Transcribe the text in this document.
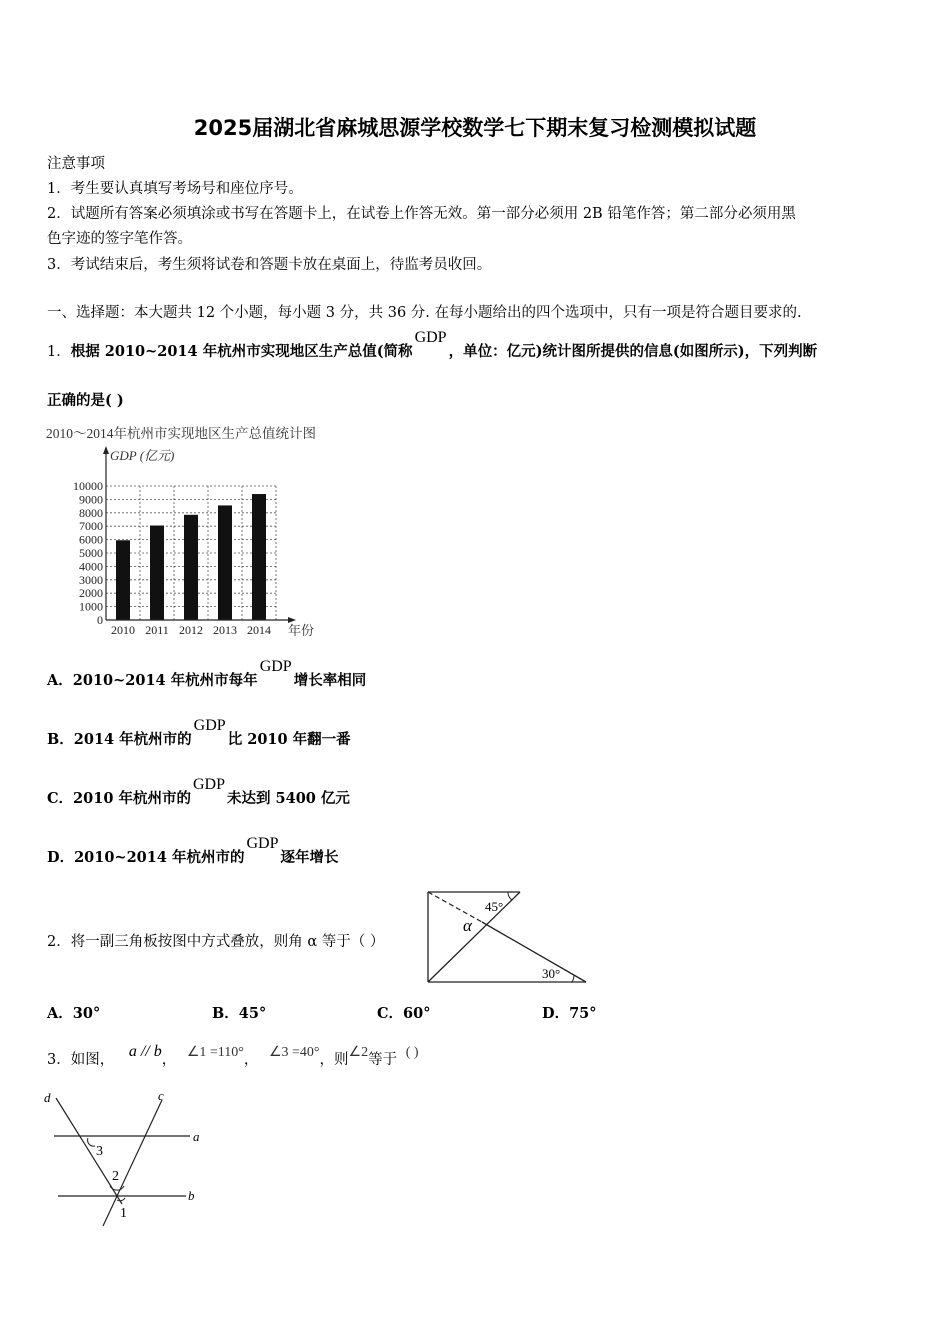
2025届湖北省麻城思源学校数学七下期末复习检测模拟试题
注意事项
1．考生要认真填写考场号和座位序号。
2．试题所有答案必须填涂或书写在答题卡上，在试卷上作答无效。第一部分必须用 2B 铅笔作答；第二部分必须用黑
色字迹的签字笔作答。
3．考试结束后，考生须将试卷和答题卡放在桌面上，待监考员收回。
一、选择题：本大题共 12 个小题，每小题 3 分，共 36 分. 在每小题给出的四个选项中，只有一项是符合题目要求的.
1．根据 2010~2014 年杭州市实现地区生产总值(简称GDP，单位：亿元)统计图所提供的信息(如图所示)，下列判断
正确的是( )
2010～2014年杭州市实现地区生产总值统计图
GDP (亿元)
年份
0
1000
2000
3000
4000
5000
6000
7000
8000
9000
10000
2010 2011 2012 2013 2014
A．2010~2014 年杭州市每年GDP增长率相同
B．2014 年杭州市的GDP比 2010 年翻一番
C．2010 年杭州市的GDP未达到 5400 亿元
D．2010~2014 年杭州市的GDP逐年增长
2．将一副三角板按图中方式叠放，则角 α 等于（ ）
45°
30°
α
A．30°	B．45°	C．60°	D．75°
3．如图， a // b， ∠1 =110°， ∠3 =40°，则∠2等于 ( )
d	c
a
b
3
2
1
